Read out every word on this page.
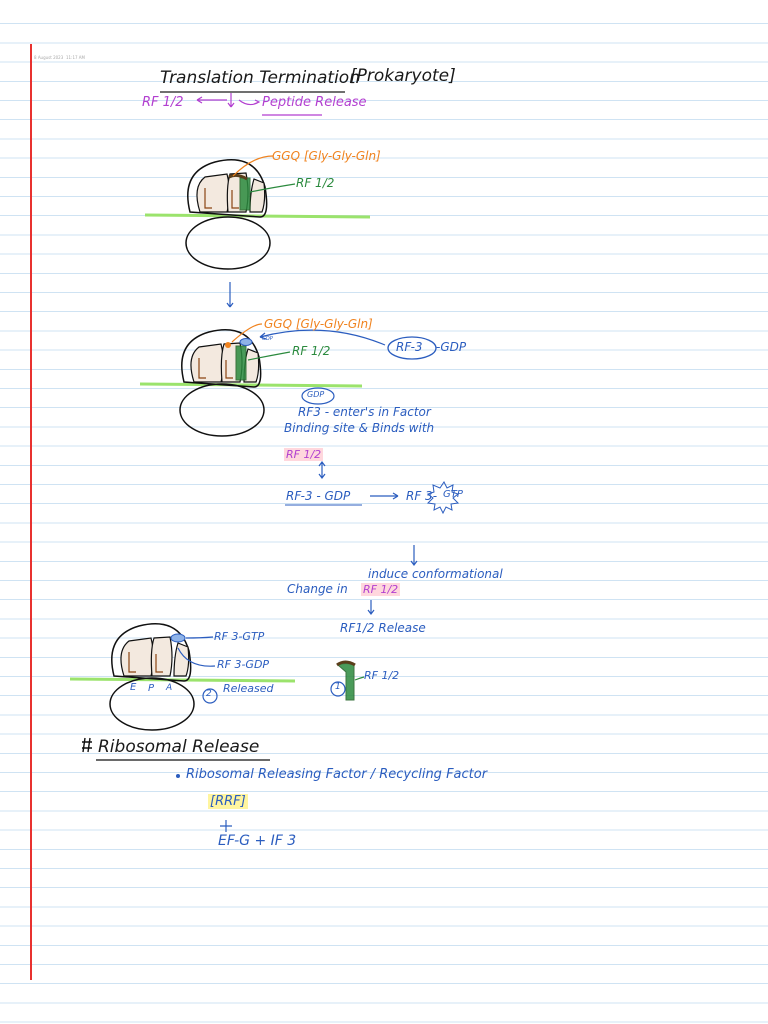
8 August 2023 11:17 AM
Translation Termination
[Prokaryote]
RF 1/2	Peptide Release
GGQ [Gly-Gly-Gln]
RF 1/2
GGQ [Gly-Gly-Gln]
RF 1/2	RF-3 -GDP
GDP
GDP
RF3 - enter's in Factor
Binding site & Binds with
RF 1/2
RF-3 - GDP	RF 3- GTP
induce conformational
Change in RF 1/2
RF1/2 Release
RF 3-GTP
RF 3-GDP
2 Released
E P A
RF 1/2
1
Ribosomal Release
Ribosomal Releasing Factor / Recycling Factor
[RRF]
EF-G + IF 3
